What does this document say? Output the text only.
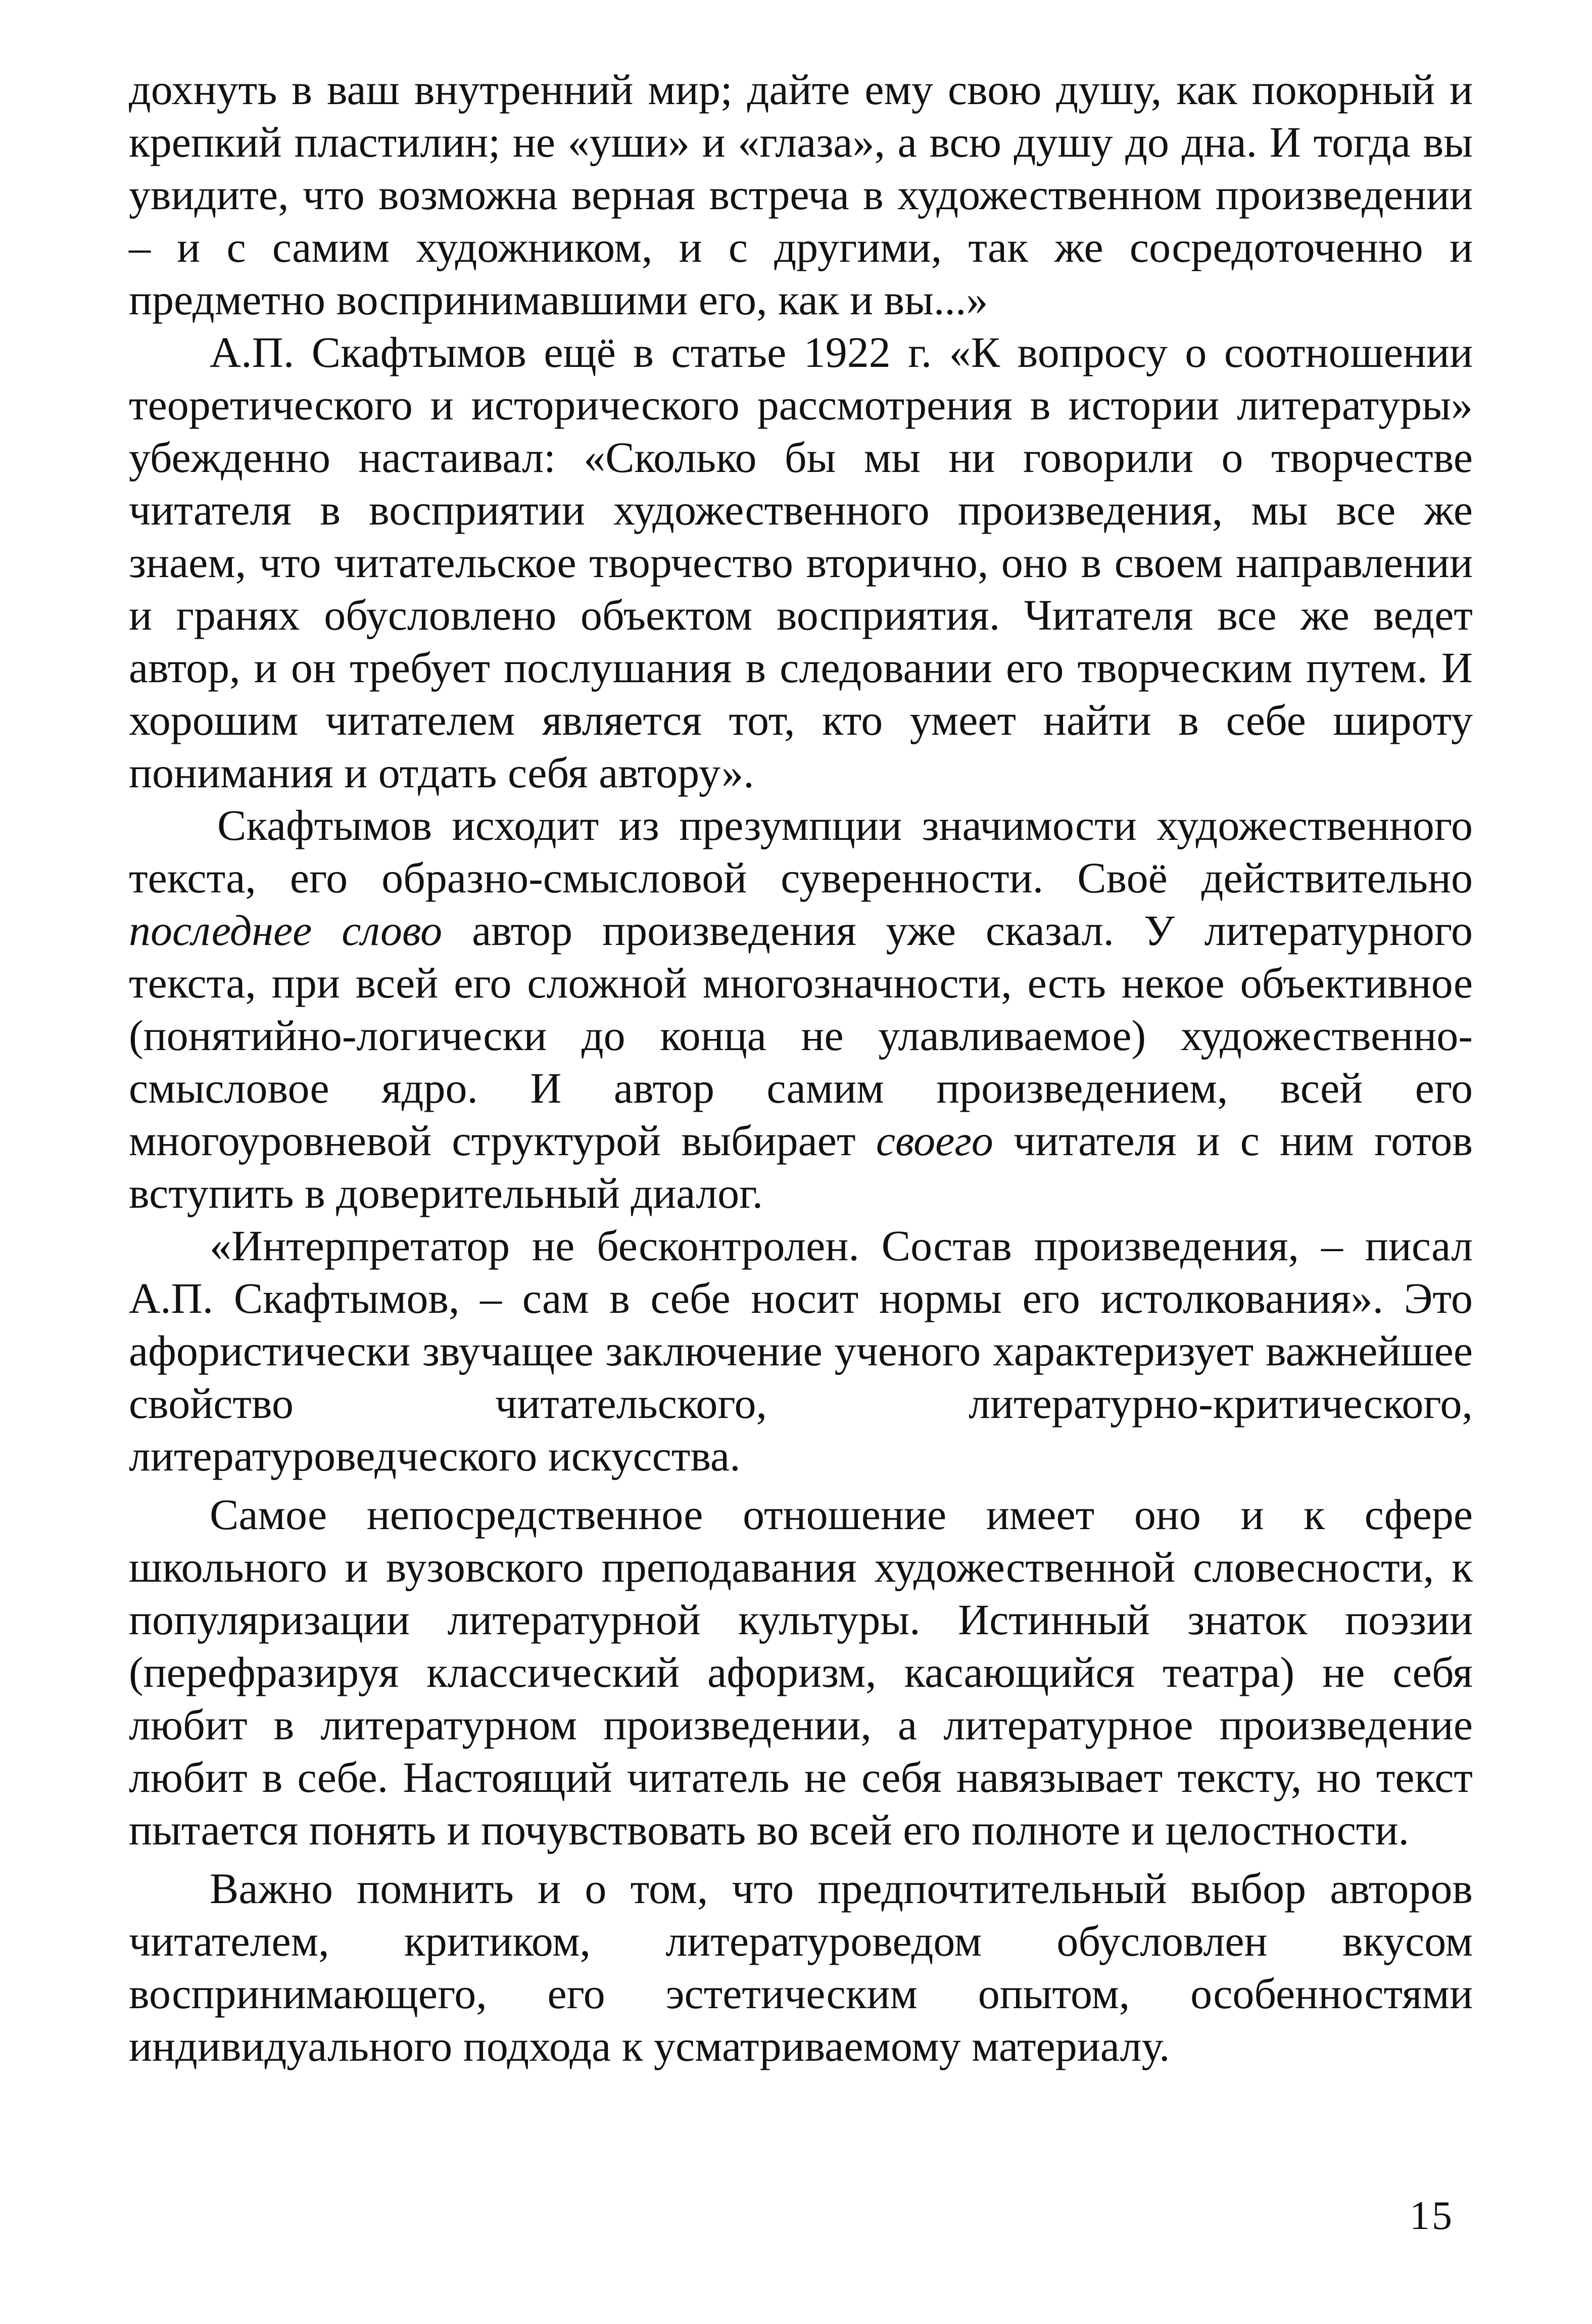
дохнуть в ваш внутренний мир; дайте ему свою душу, как покорный и крепкий пластилин; не «уши» и «глаза», а всю душу до дна. И тогда вы увидите, что возможна верная встреча в художественном произведении – и с самим художником, и с другими, так же сосредоточенно и предметно воспринимавшими его, как и вы...»

А.П. Скафтымов ещё в статье 1922 г. «К вопросу о соотношении теоретического и исторического рассмотрения в истории литературы» убежденно настаивал: «Сколько бы мы ни говорили о творчестве читателя в восприятии художественного произведения, мы все же знаем, что читательское творчество вторично, оно в своем направлении и гранях обусловлено объектом восприятия. Читателя все же ведет автор, и он требует послушания в следовании его творческим путем. И хорошим читателем является тот, кто умеет найти в себе широту понимания и отдать себя автору».

Скафтымов исходит из презумпции значимости художественного текста, его образно-смысловой суверенности. Своё действительно последнее слово автор произведения уже сказал. У литературного текста, при всей его сложной многозначности, есть некое объективное (понятийно-логически до конца не улавливаемое) художественно-смысловое ядро. И автор самим произведением, всей его многоуровневой структурой выбирает своего читателя и с ним готов вступить в доверительный диалог.

«Интерпретатор не бесконтролен. Состав произведения, – писал А.П. Скафтымов, – сам в себе носит нормы его истолкования». Это афористически звучащее заключение ученого характеризует важнейшее свойство читательского, литературно-критического, литературоведческого искусства.

Самое непосредственное отношение имеет оно и к сфере школьного и вузовского преподавания художественной словесности, к популяризации литературной культуры. Истинный знаток поэзии (перефразируя классический афоризм, касающийся театра) не себя любит в литературном произведении, а литературное произведение любит в себе. Настоящий читатель не себя навязывает тексту, но текст пытается понять и почувствовать во всей его полноте и целостности.

Важно помнить и о том, что предпочтительный выбор авторов читателем, критиком, литературоведом обусловлен вкусом воспринимающего, его эстетическим опытом, особенностями индивидуального подхода к усматриваемому материалу.

15
